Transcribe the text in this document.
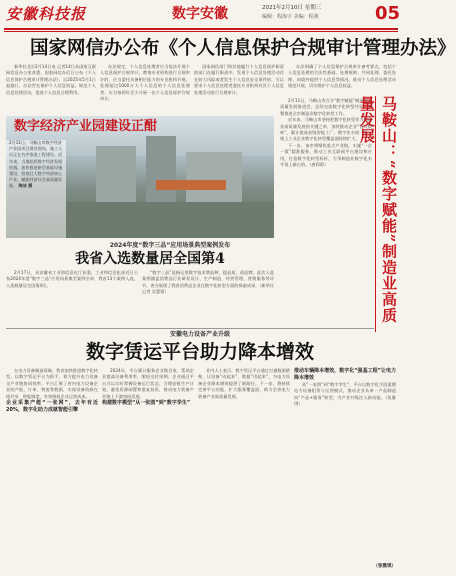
安徽科技报	数字安徽	2021年2月10日 星期三
编辑：程海宇 美编：程燕	05
国家网信办公布《个人信息保护合规审计管理办法》

新华社北京2月14日电 记者14日从国家互联网信息办公室获悉，国家网信办近日公布《个人信息保护合规审计管理办法》，自2025年5月1日起施行。办法旨在保护个人信息权益，规范个人信息处理活动，促进个人信息合理利用。

办法规定，个人信息处理者应当依法开展个人信息保护合规审计，聘请专业机构进行合规审计的，应当委托具备相应能力的专业机构开展。处理超过1000万人个人信息的个人信息处理者，应当每两年至少开展一次个人信息保护合规审计。

国家网信部门和其他履行个人信息保护职责的部门在履行职责中，发现个人信息处理活动存在较大风险或者发生个人信息安全事件的，可以要求个人信息处理者委托专业机构对其个人信息处理活动进行合规审计。

办法明确了个人信息保护合规审计参考要点，包括个人信息处理的合法性基础、处理规则、共同处理、委托处理、向境外提供个人信息等情况，推动个人信息处理活动规范开展，切实维护个人信息权益。

数字经济产业园建设正酣
2月11日，马鞍山市数字经济产业园项目建设现场，施工人员正在有序推进工程建设。近年来，当地抢抓数字经济发展机遇，加快推进新型基础设施建设，培育壮大数字经济核心产业，赋能经济社会高质量发展。 陶洁 摄

2月11日，马鞍山市召开“数字赋能”制造业高质量发展推进会，总结交流数字化转型经验，部署推进全市制造业数字化转型工作。

近年来，马鞍山市坚持把数字化转型作为制造业高质量发展的关键之举，加快推动企业“智改数转”，累计建成省级智能工厂、数字化车间一批，规上工业企业数字化转型覆盖面持续扩大。

下一步，该市将聚焦重点产业链，实施“一企一策”精准服务，推动工业互联网平台建设和应用，打造数字化转型标杆，力争制造业数字化水平再上新台阶。（唐莉莉）	马鞍山：“数字赋能”制造业高质量发展
2024年度“数字三品”应用场景典型案例发布
我省入选数量居全国第4

2月17日，从安徽省工业和信息化厅获悉，工业和信息化部近日公布2024年度“数字三品”应用场景典型案例名单，我省13个案例入选，入选数量居全国第4位。

“数字三品”是指运用数字技术增品种、提品质、创品牌。此次入选案例涵盖消费品行业研发设计、生产制造、经营管理、营销服务等环节，充分展现了我省消费品企业在数字化转型方面的探索成果。（新华社记者 吴慧珺）

安徽电力设备产业升级
数字赁运平台助力降本增效

在电力设备制造领域，我省加快推进数字化转型，以数字赁运平台为抓手，着力提升电力设备全产业链协同效率。平台汇聚了省内电力设备企业的产能、订单、物流等数据，实现设备资源在线共享、智能调度，有效降低企业运营成本。

企业采集产能“一张网”，去年有近20%，数字化助力成就智能引擎

2024年，平台累计服务企业数百家，帮助企业提高设备利用率，缩短交付周期。企业通过平台可以实时掌握设备运行状态，合理安排生产计划，避免资源闲置和重复投资，推动电力装备产业链上下游协同发展。

构建数字模型“从一张图”到“数字孪生”

业内人士表示，数字赁运平台通过打通数据壁垒，让设备“动起来”、数据“用起来”，为电力设备企业降本增效提供了新路径。下一步，将持续完善平台功能，扩大服务覆盖面，助力全省电力装备产业高质量发展。

推动车辆降本增效，数字化“强基工程”让电力降本增效

从“一张图”到“数字孪生”，平台以数字化手段重塑电力设备租赁与运营模式，推动企业从单一产品制造向“产品+服务”转型，为产业升级注入新动能。（张雅琪）

（张雅琪）
